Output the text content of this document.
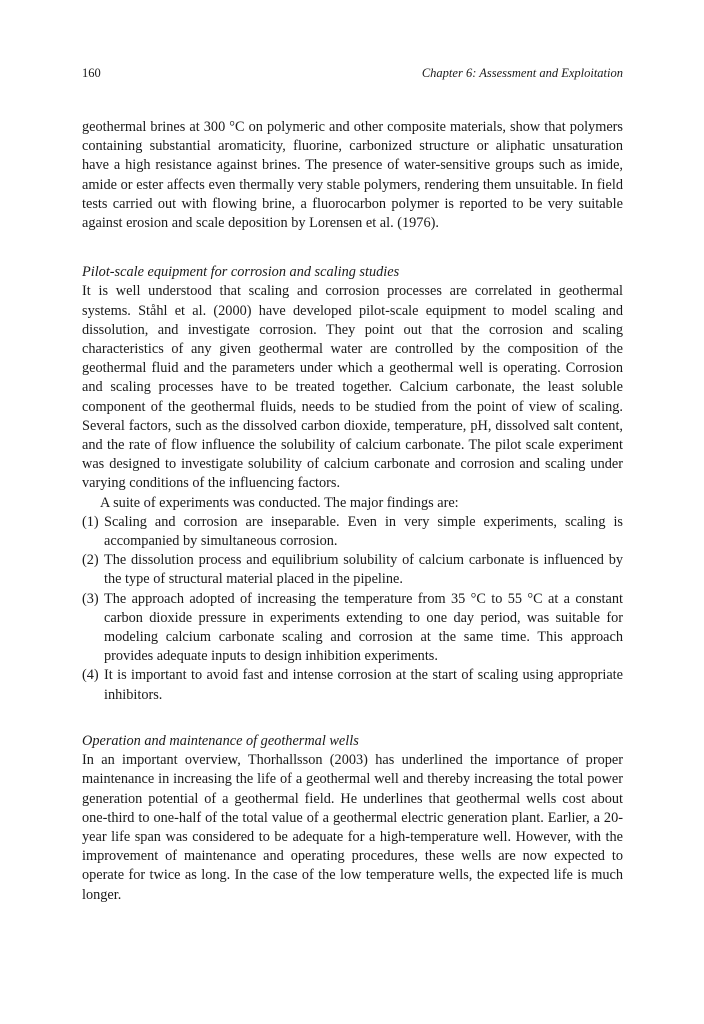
160	Chapter 6: Assessment and Exploitation

geothermal brines at 300 °C on polymeric and other composite materials, show that polymers containing substantial aromaticity, fluorine, carbonized structure or aliphatic unsaturation have a high resistance against brines. The presence of water-sensitive groups such as imide, amide or ester affects even thermally very stable polymers, rendering them unsuitable. In field tests carried out with flowing brine, a fluorocarbon polymer is reported to be very suitable against erosion and scale deposition by Lorensen et al. (1976).

Pilot-scale equipment for corrosion and scaling studies

It is well understood that scaling and corrosion processes are correlated in geothermal systems. Ståhl et al. (2000) have developed pilot-scale equipment to model scaling and dissolution, and investigate corrosion. They point out that the corrosion and scaling characteristics of any given geothermal water are controlled by the composition of the geothermal fluid and the parameters under which a geothermal well is operating. Corrosion and scaling processes have to be treated together. Calcium carbonate, the least soluble component of the geothermal fluids, needs to be studied from the point of view of scaling. Several factors, such as the dissolved carbon dioxide, temperature, pH, dissolved salt content, and the rate of flow influence the solubility of calcium carbonate. The pilot scale experiment was designed to investigate solubility of calcium carbonate and corrosion and scaling under varying conditions of the influencing factors.

A suite of experiments was conducted. The major findings are:

(1) Scaling and corrosion are inseparable. Even in very simple experiments, scaling is accompanied by simultaneous corrosion.
(2) The dissolution process and equilibrium solubility of calcium carbonate is influenced by the type of structural material placed in the pipeline.
(3) The approach adopted of increasing the temperature from 35 °C to 55 °C at a constant carbon dioxide pressure in experiments extending to one day period, was suitable for modeling calcium carbonate scaling and corrosion at the same time. This approach provides adequate inputs to design inhibition experiments.
(4) It is important to avoid fast and intense corrosion at the start of scaling using appropriate inhibitors.

Operation and maintenance of geothermal wells

In an important overview, Thorhallsson (2003) has underlined the importance of proper maintenance in increasing the life of a geothermal well and thereby increasing the total power generation potential of a geothermal field. He underlines that geothermal wells cost about one-third to one-half of the total value of a geothermal electric generation plant. Earlier, a 20-year life span was considered to be adequate for a high-temperature well. However, with the improvement of maintenance and operating procedures, these wells are now expected to operate for twice as long. In the case of the low temperature wells, the expected life is much longer.
